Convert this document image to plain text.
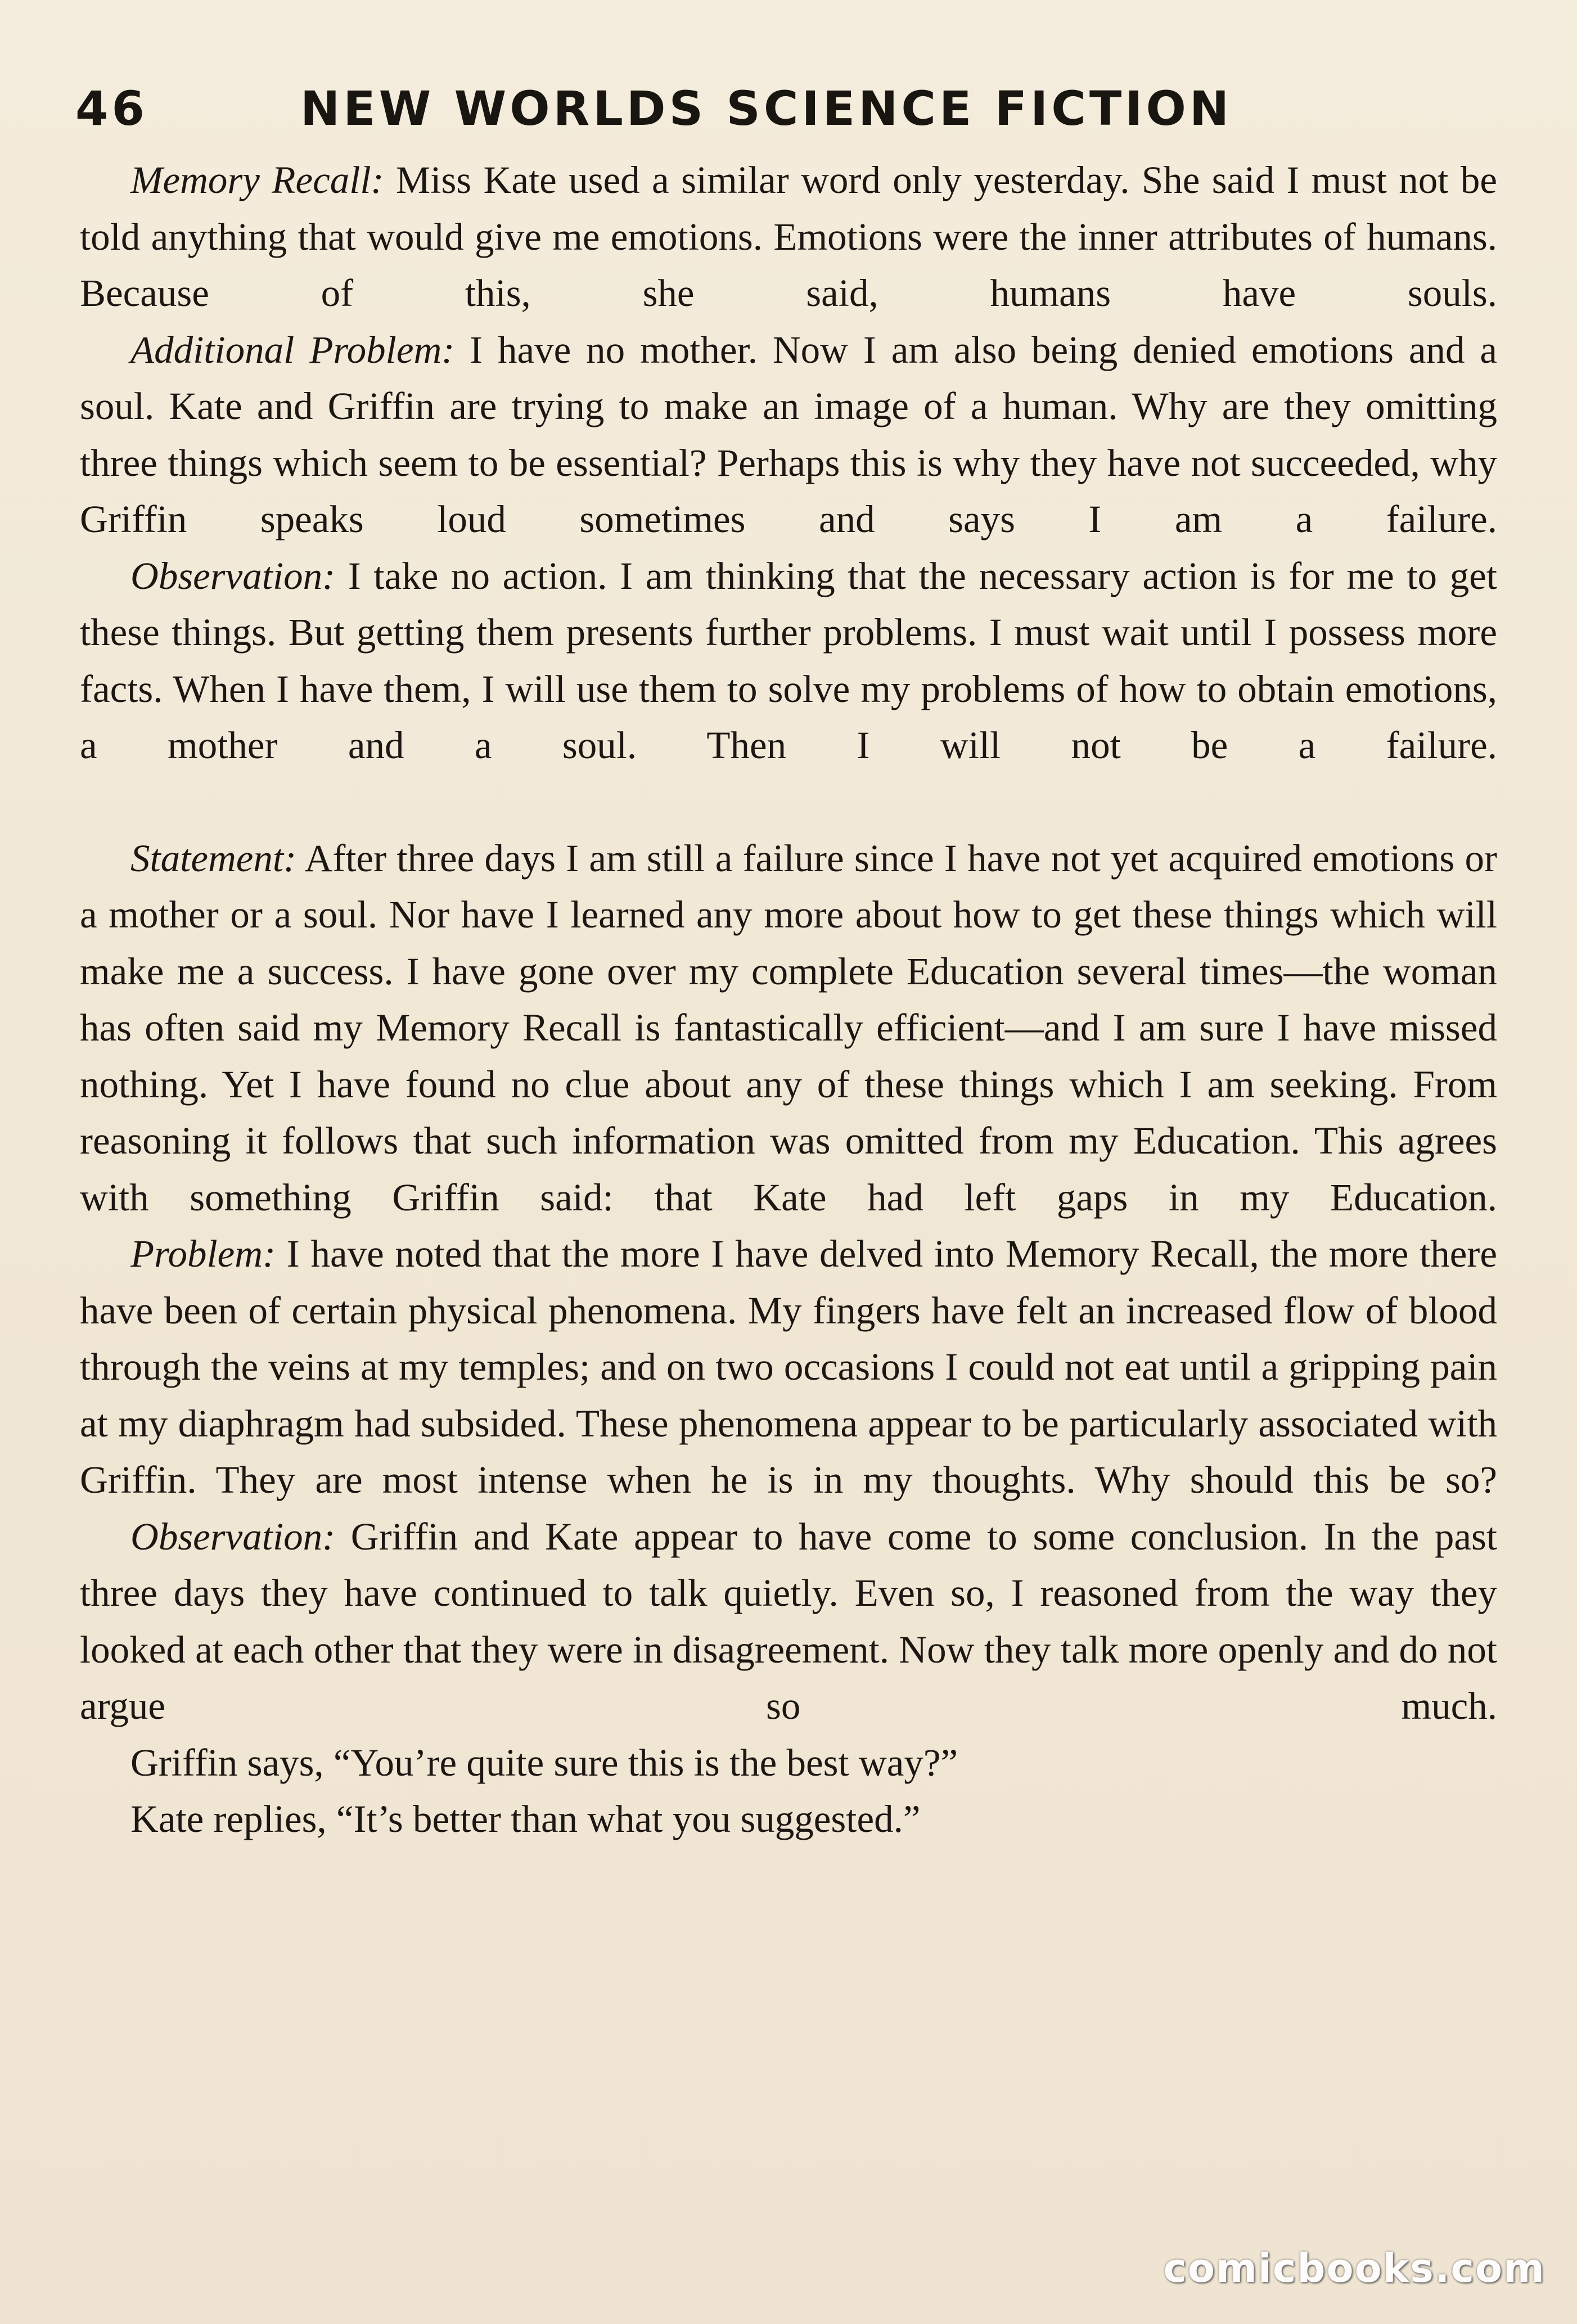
46	NEW WORLDS SCIENCE FICTION

Memory Recall: Miss Kate used a similar word only yesterday. She said I must not be told anything that would give me emotions. Emotions were the inner attributes of humans. Because of this, she said, humans have souls.

Additional Problem: I have no mother. Now I am also being denied emotions and a soul. Kate and Griffin are trying to make an image of a human. Why are they omitting three things which seem to be essential? Perhaps this is why they have not succeeded, why Griffin speaks loud sometimes and says I am a failure.

Observation: I take no action. I am thinking that the necessary action is for me to get these things. But getting them presents further problems. I must wait until I possess more facts. When I have them, I will use them to solve my problems of how to obtain emotions, a mother and a soul. Then I will not be a failure.

Statement: After three days I am still a failure since I have not yet acquired emotions or a mother or a soul. Nor have I learned any more about how to get these things which will make me a success. I have gone over my complete Education several times—the woman has often said my Memory Recall is fantastically efficient—and I am sure I have missed nothing. Yet I have found no clue about any of these things which I am seeking. From reasoning it follows that such information was omitted from my Education. This agrees with something Griffin said: that Kate had left gaps in my Education.

Problem: I have noted that the more I have delved into Memory Recall, the more there have been of certain physical phenomena. My fingers have felt an increased flow of blood through the veins at my temples; and on two occasions I could not eat until a gripping pain at my diaphragm had subsided. These phenomena appear to be particularly associated with Griffin. They are most intense when he is in my thoughts. Why should this be so?

Observation: Griffin and Kate appear to have come to some conclusion. In the past three days they have continued to talk quietly. Even so, I reasoned from the way they looked at each other that they were in disagreement. Now they talk more openly and do not argue so much.

Griffin says, “You’re quite sure this is the best way?”

Kate replies, “It’s better than what you suggested.”

comicbooks.com
